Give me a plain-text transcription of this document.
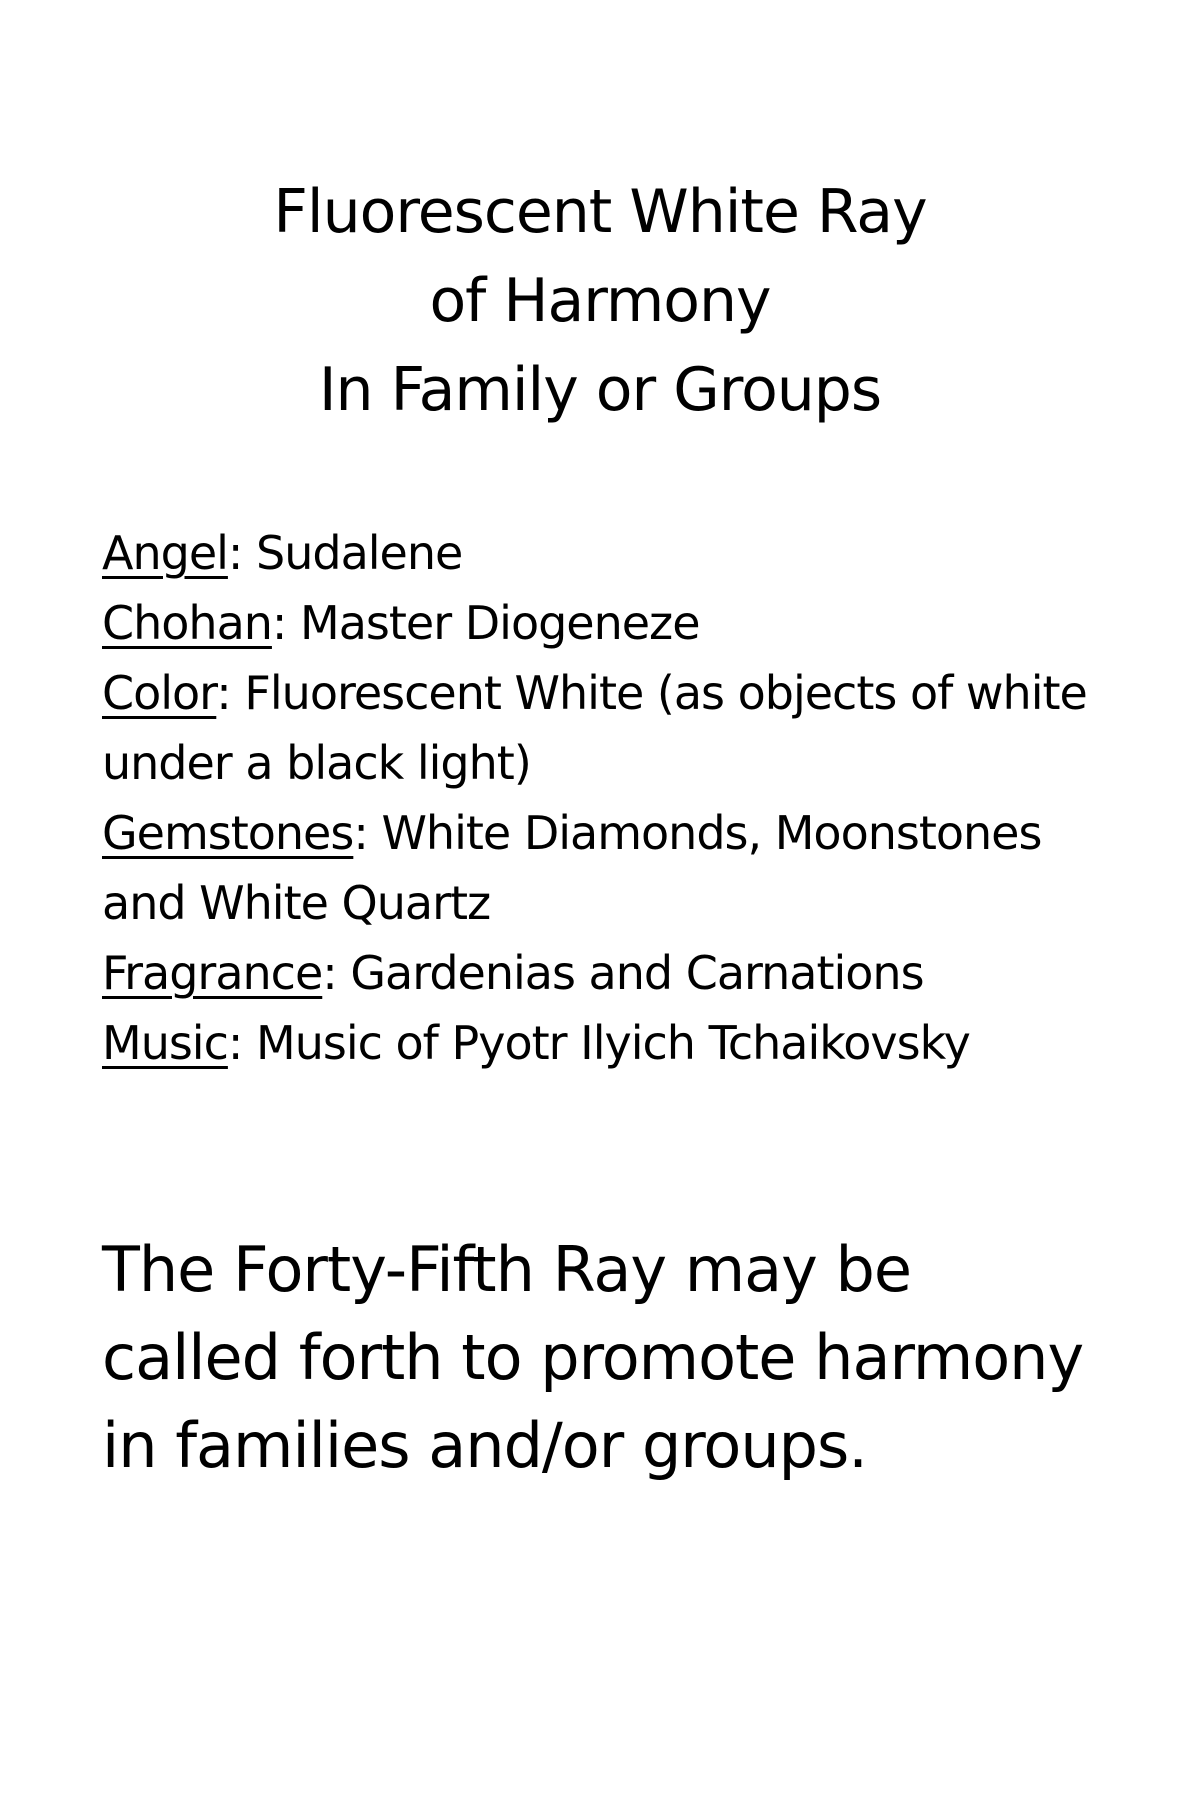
Fluorescent White Ray
of Harmony
In Family or Groups
Angel: Sudalene
Chohan: Master Diogeneze
Color: Fluorescent White (as objects of white under a black light)
Gemstones: White Diamonds, Moonstones and White Quartz
Fragrance: Gardenias and Carnations
Music: Music of Pyotr Ilyich Tchaikovsky

The Forty-Fifth Ray may be called forth to promote harmony in families and/or groups.
